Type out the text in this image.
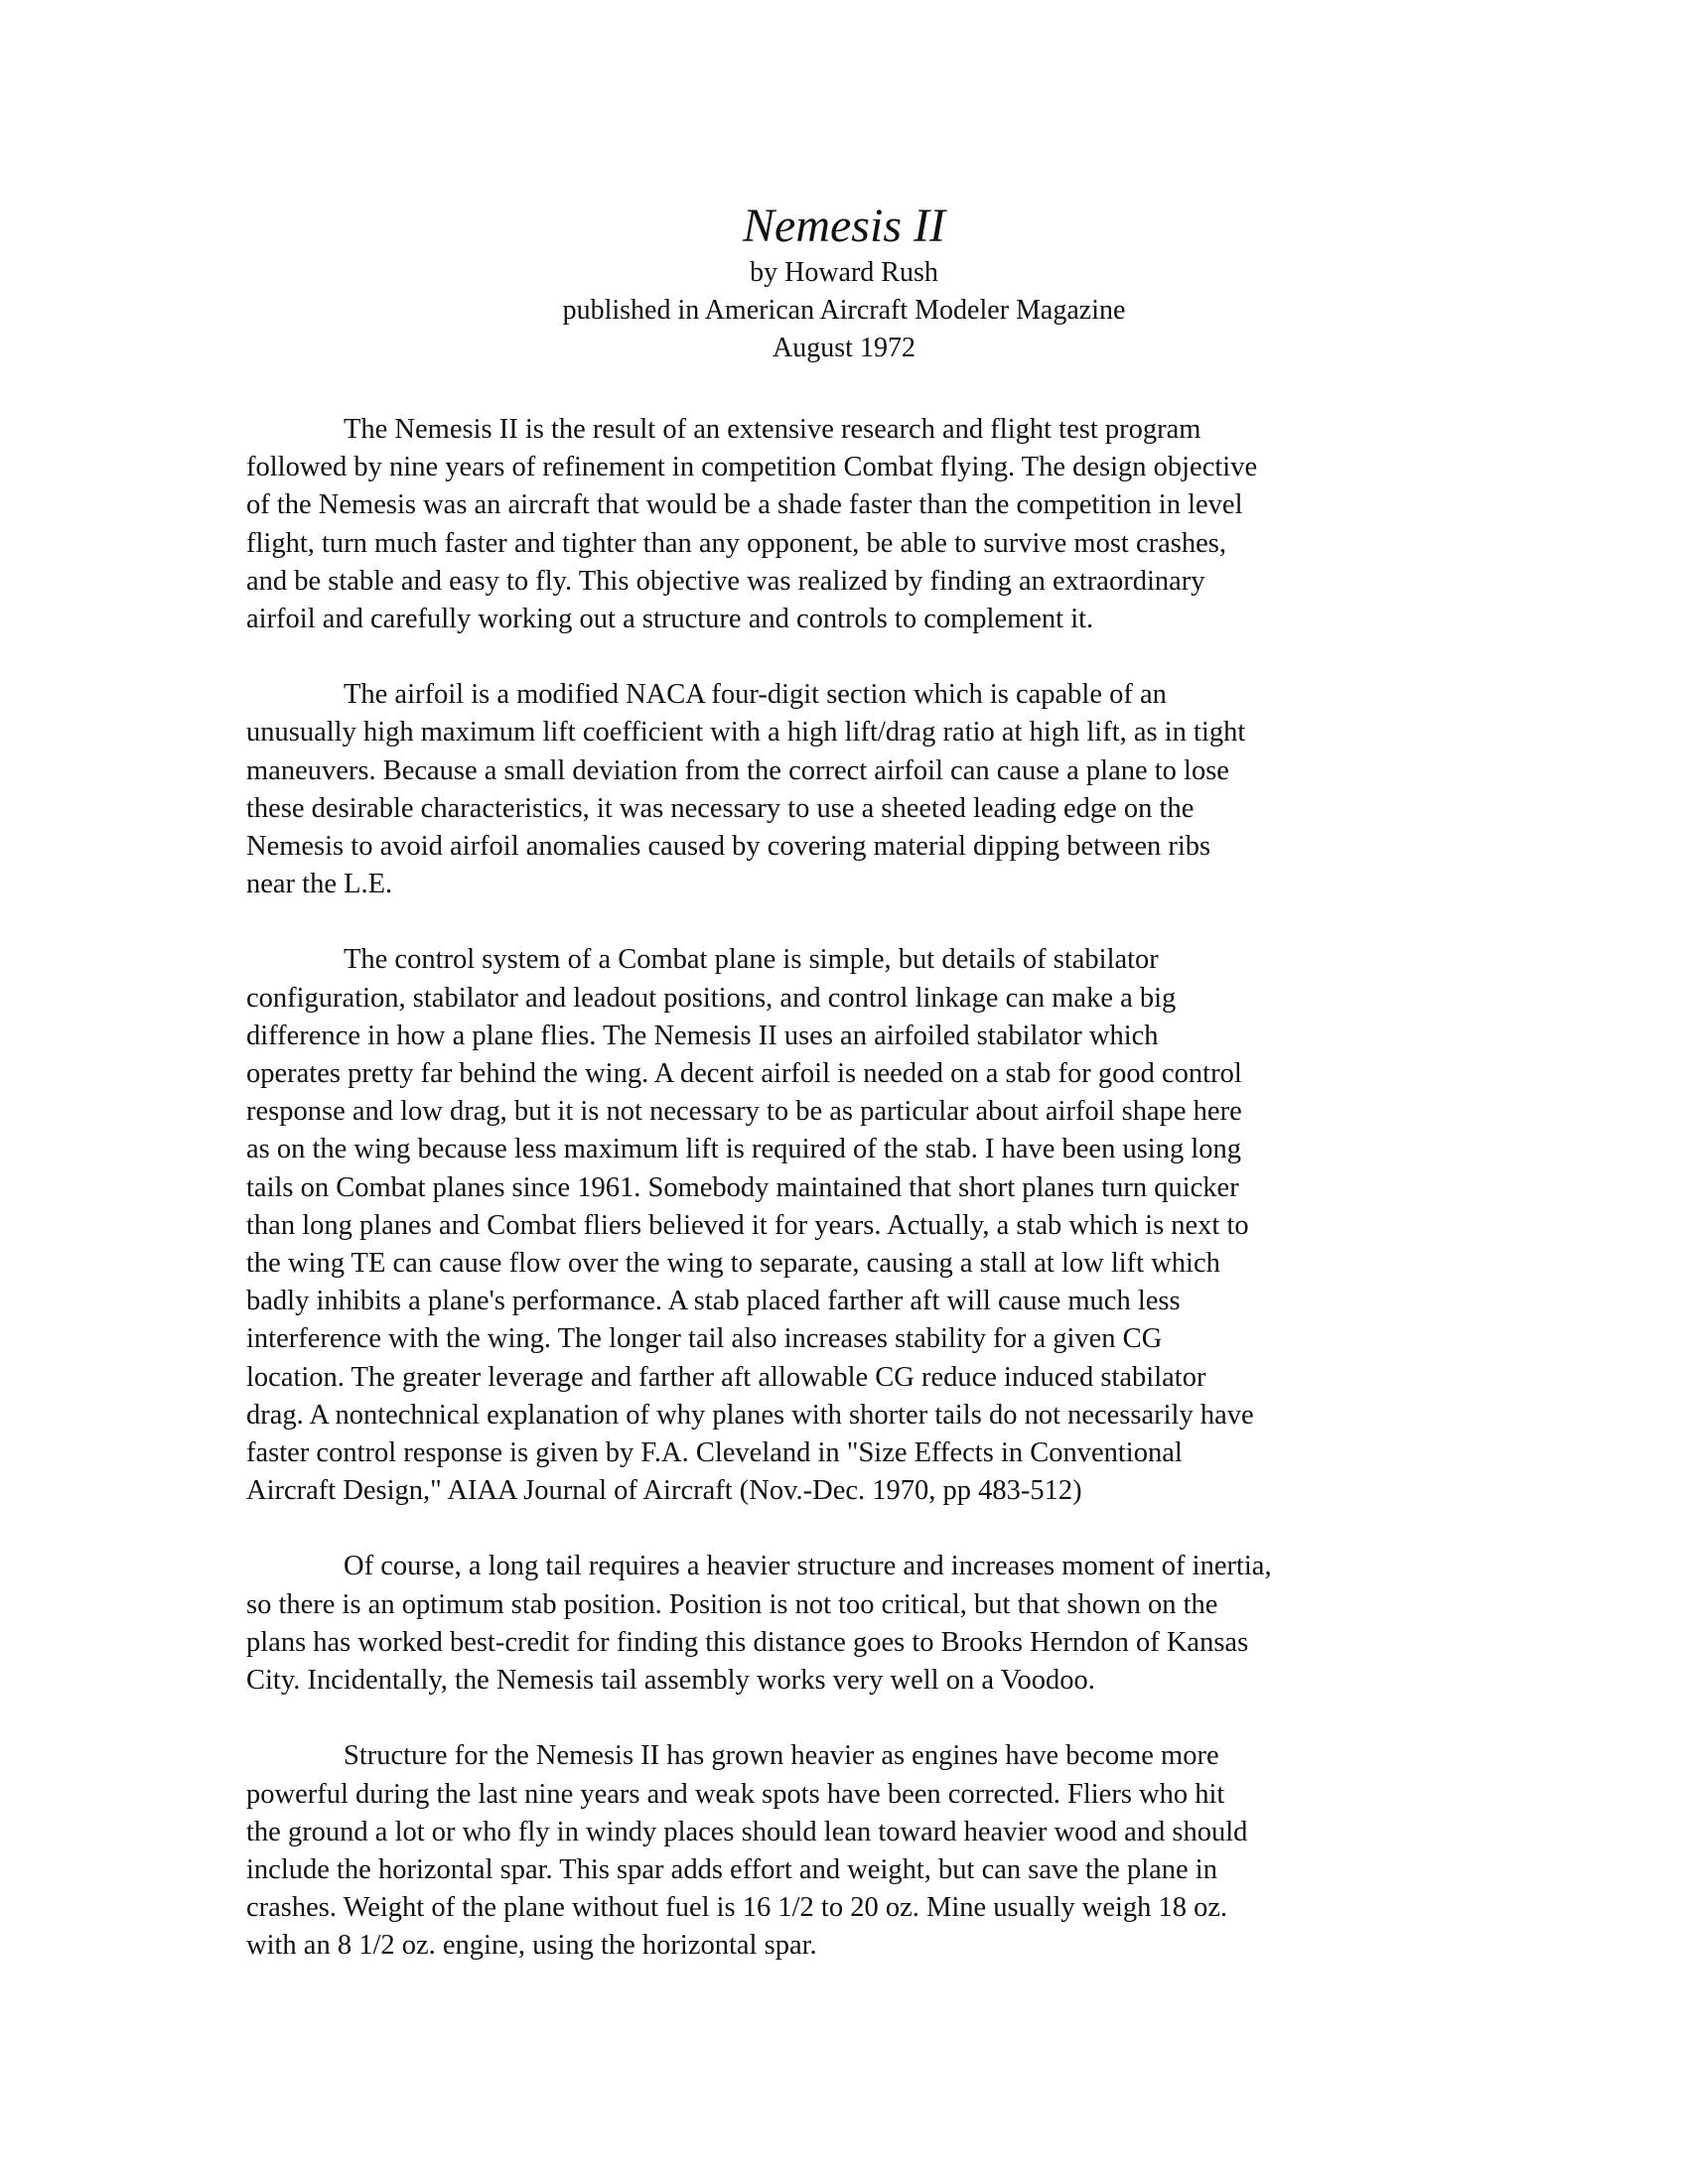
Nemesis II

by Howard Rush

published in American Aircraft Modeler Magazine

August 1972

The Nemesis II is the result of an extensive research and flight test program
followed by nine years of refinement in competition Combat flying. The design objective
of the Nemesis was an aircraft that would be a shade faster than the competition in level
flight, turn much faster and tighter than any opponent, be able to survive most crashes,
and be stable and easy to fly. This objective was realized by finding an extraordinary
airfoil and carefully working out a structure and controls to complement it.

The airfoil is a modified NACA four-digit section which is capable of an
unusually high maximum lift coefficient with a high lift/drag ratio at high lift, as in tight
maneuvers. Because a small deviation from the correct airfoil can cause a plane to lose
these desirable characteristics, it was necessary to use a sheeted leading edge on the
Nemesis to avoid airfoil anomalies caused by covering material dipping between ribs
near the L.E.

The control system of a Combat plane is simple, but details of stabilator
configuration, stabilator and leadout positions, and control linkage can make a big
difference in how a plane flies. The Nemesis II uses an airfoiled stabilator which
operates pretty far behind the wing. A decent airfoil is needed on a stab for good control
response and low drag, but it is not necessary to be as particular about airfoil shape here
as on the wing because less maximum lift is required of the stab. I have been using long
tails on Combat planes since 1961. Somebody maintained that short planes turn quicker
than long planes and Combat fliers believed it for years. Actually, a stab which is next to
the wing TE can cause flow over the wing to separate, causing a stall at low lift which
badly inhibits a plane's performance. A stab placed farther aft will cause much less
interference with the wing. The longer tail also increases stability for a given CG
location. The greater leverage and farther aft allowable CG reduce induced stabilator
drag. A nontechnical explanation of why planes with shorter tails do not necessarily have
faster control response is given by F.A. Cleveland in "Size Effects in Conventional
Aircraft Design," AIAA Journal of Aircraft (Nov.-Dec. 1970, pp 483-512)

Of course, a long tail requires a heavier structure and increases moment of inertia,
so there is an optimum stab position. Position is not too critical, but that shown on the
plans has worked best-credit for finding this distance goes to Brooks Herndon of Kansas
City. Incidentally, the Nemesis tail assembly works very well on a Voodoo.

Structure for the Nemesis II has grown heavier as engines have become more
powerful during the last nine years and weak spots have been corrected. Fliers who hit
the ground a lot or who fly in windy places should lean toward heavier wood and should
include the horizontal spar. This spar adds effort and weight, but can save the plane in
crashes. Weight of the plane without fuel is 16 1/2 to 20 oz. Mine usually weigh 18 oz.
with an 8 1/2 oz. engine, using the horizontal spar.
